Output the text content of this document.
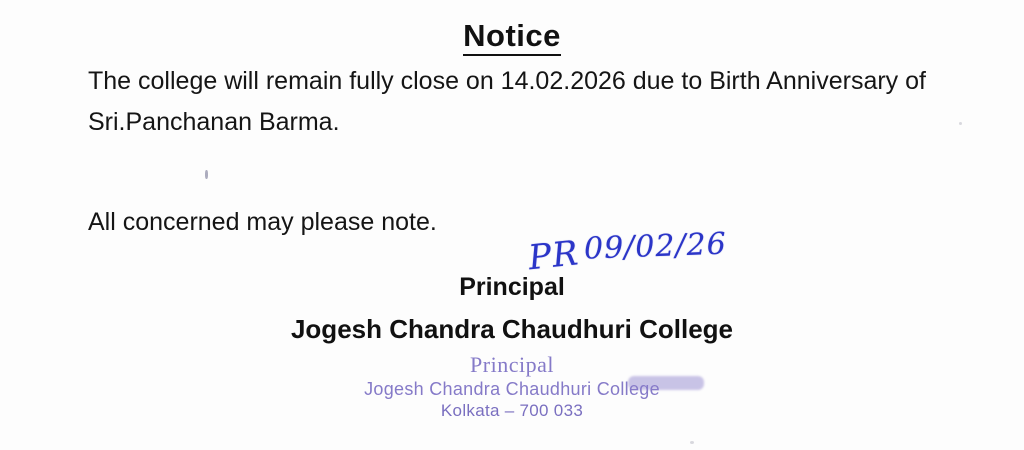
Notice
The college will remain fully close on 14.02.2026 due to Birth Anniversary of
Sri.Panchanan Barma.
All concerned may please note.
PR 09/02/26
Principal
Jogesh Chandra Chaudhuri College
Principal
Jogesh Chandra Chaudhuri College
Kolkata – 700 033
